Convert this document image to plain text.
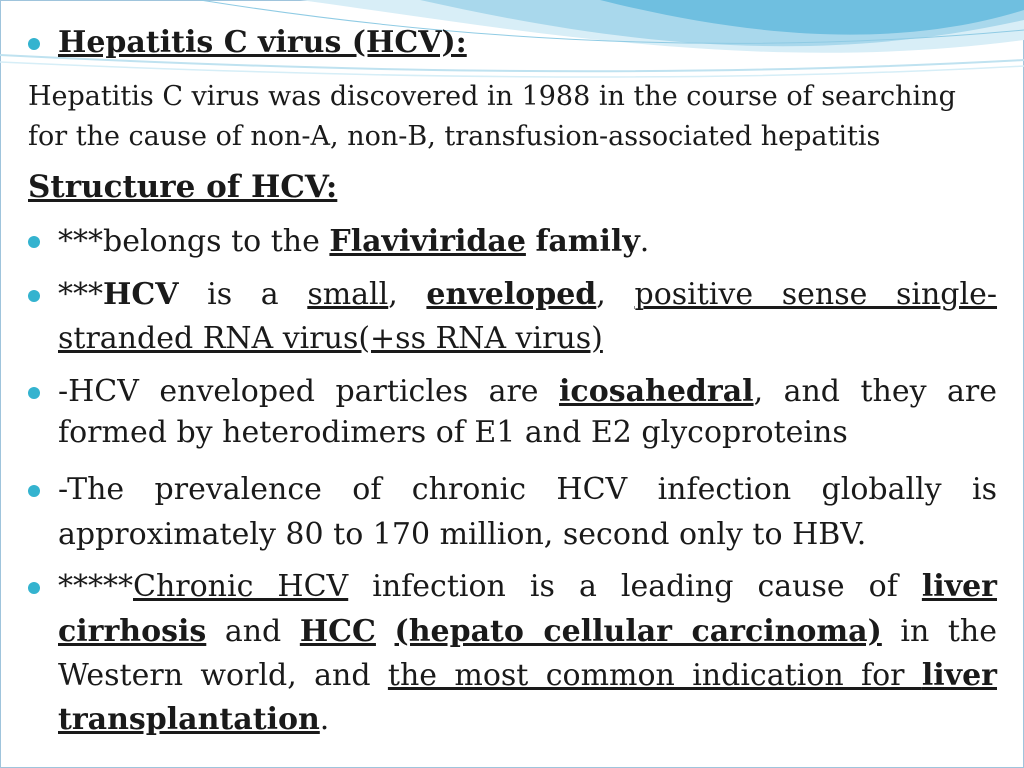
Hepatitis C virus (HCV):
Hepatitis C virus was discovered in 1988 in the course of searching
for the cause of non-A, non-B, transfusion-associated hepatitis
Structure of HCV:
***belongs to the Flaviviridae family.
***HCV is a small, enveloped, positive sense single-
stranded RNA virus(+ss RNA virus)
-HCV enveloped particles are icosahedral, and they are
formed by heterodimers of E1 and E2 glycoproteins
-The prevalence of chronic HCV infection globally is
approximately 80 to 170 million, second only to HBV.
*****Chronic HCV infection is a leading cause of liver
cirrhosis and HCC (hepato cellular carcinoma) in the
Western world, and the most common indication for liver
transplantation.
